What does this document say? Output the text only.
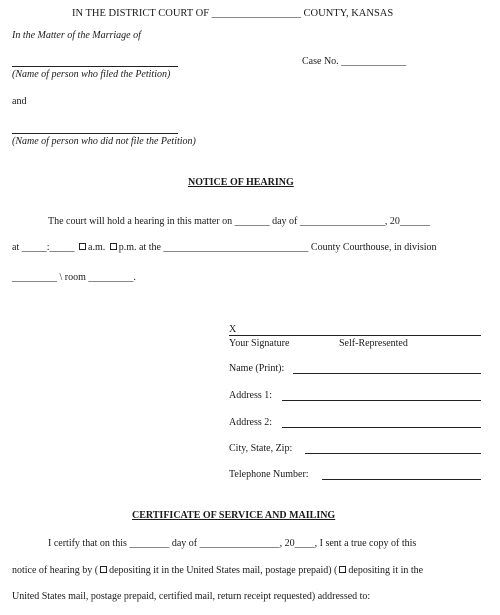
IN THE DISTRICT COURT OF _________________ COUNTY, KANSAS
In the Matter of the Marriage of
Case No. _____________
(Name of person who filed the Petition)
and
(Name of person who did not file the Petition)
NOTICE OF HEARING
The court will hold a hearing in this matter on _______ day of _________________, 20______
at _____:_____ a.m. p.m. at the _____________________________ County Courthouse, in division
_________ \ room _________.
X
Your Signature	Self-Represented
Name (Print):
Address 1:
Address 2:
City, State, Zip:
Telephone Number:
CERTIFICATE OF SERVICE AND MAILING
I certify that on this ________ day of ________________, 20____, I sent a true copy of this
notice of hearing by ( depositing it in the United States mail, postage prepaid) ( depositing it in the
United States mail, postage prepaid, certified mail, return receipt requested) addressed to:
